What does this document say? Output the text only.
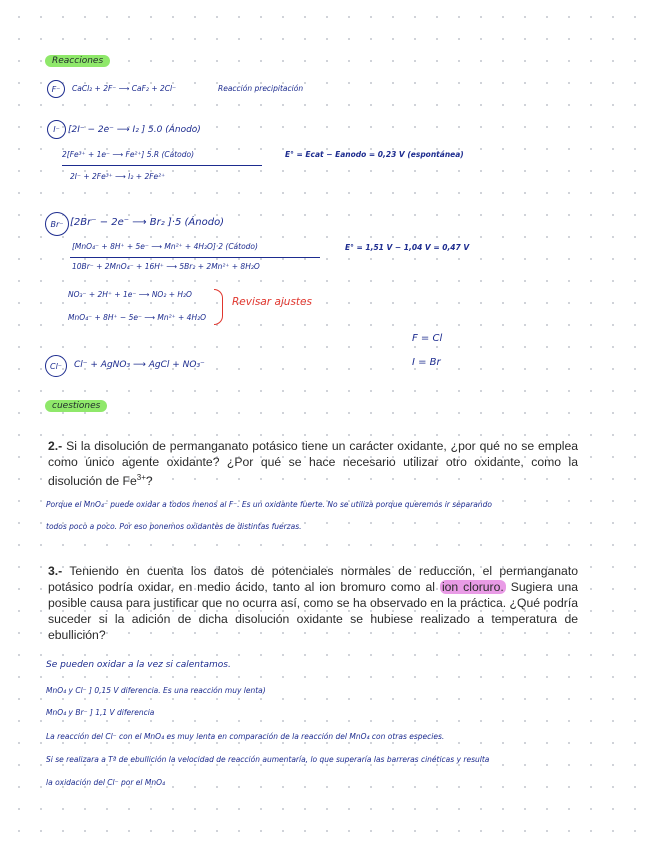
Reacciones
F⁻ CaCl₂ + 2F⁻ ⟶ CaF₂ + 2Cl⁻	Reacción precipitación
I⁻ [2I⁻ − 2e⁻ ⟶ I₂ ] 5.0 (Ánodo)
2[Fe³⁺ + 1e⁻ ⟶ Fe²⁺] 5.R (Cátodo)
2I⁻ + 2Fe³⁺ ⟶ I₂ + 2Fe²⁺
E° = Ecat − Eanodo = 0,23 V (espontánea)
Br⁻ [2Br⁻ − 2e⁻ ⟶ Br₂ ]·5 (Ánodo)
[MnO₄⁻ + 8H⁺ + 5e⁻ ⟶ Mn²⁺ + 4H₂O]·2 (Cátodo)
10Br⁻ + 2MnO₄⁻ + 16H⁺ ⟶ 5Br₂ + 2Mn²⁺ + 8H₂O
E° = 1,51 V − 1,04 V = 0,47 V
NO₃⁻ + 2H⁺ + 1e⁻ ⟶ NO₂ + H₂O
MnO₄⁻ + 8H⁺ − 5e⁻ ⟶ Mn²⁺ + 4H₂O
Revisar ajustes
F = Cl
I = Br
Cl⁻ Cl⁻ + AgNO₃ ⟶ AgCl + NO₃⁻
cuestiones
2.- Si la disolución de permanganato potásico tiene un carácter oxidante, ¿por qué no se emplea como único agente oxidante? ¿Por qué se hace necesario utilizar otro oxidante, como la disolución de $Fe^{3+}$?
Porque el MnO₄⁻ puede oxidar a todos menos al F⁻. Es un oxidante fuerte. No se utiliza porque queremos ir separando
todos poco a poco. Por eso ponemos oxidantes de distintas fuerzas.
3.- Teniendo en cuenta los datos de potenciales normales de reducción, el permanganato potásico podría oxidar, en medio ácido, tanto al ion bromuro como al ion cloruro. Sugiera una posible causa para justificar que no ocurra así, como se ha observado en la práctica. ¿Qué podría suceder si la adición de dicha disolución oxidante se hubiese realizado a temperatura de ebullición?
Se pueden oxidar a la vez si calentamos.
MnO₄ y Cl⁻ ] 0,15 V diferencia. Es una reacción muy lenta)
MnO₄ y Br⁻ ] 1,1 V diferencia
La reacción del Cl⁻ con el MnO₄ es muy lenta en comparación de la reacción del MnO₄ con otras especies.
Si se realizara a Tª de ebullición la velocidad de reacción aumentaría, lo que superaría las barreras cinéticas y resulta
la oxidación del Cl⁻ por el MnO₄
